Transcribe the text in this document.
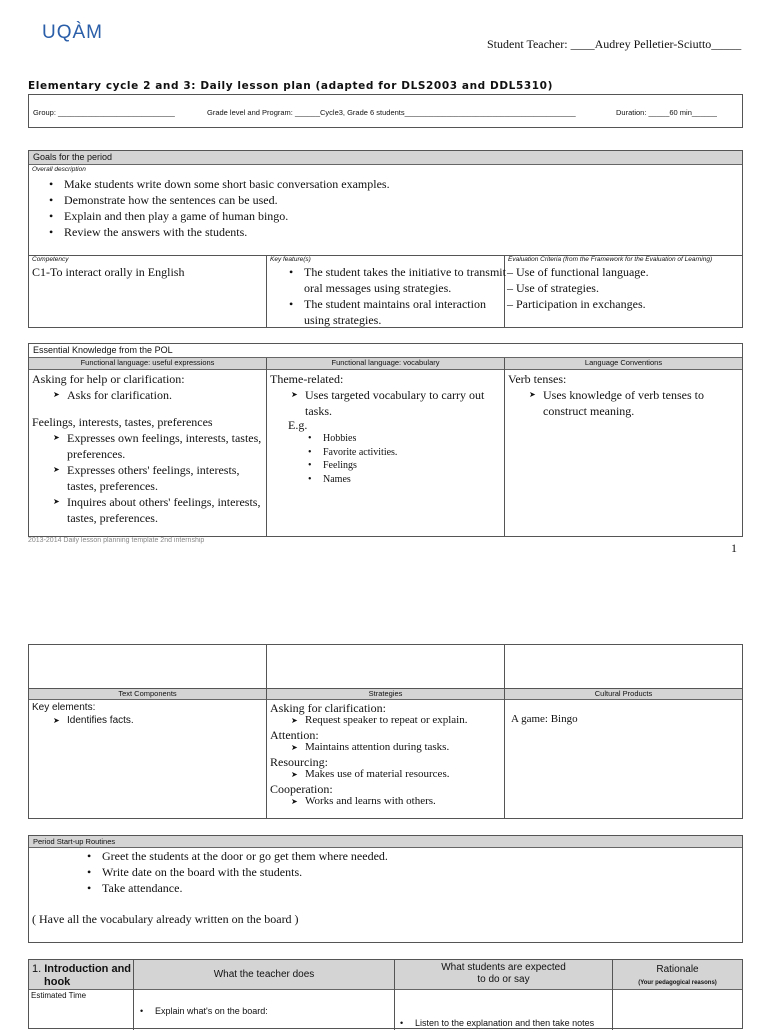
UQÀM
Student Teacher: ____Audrey Pelletier-Sciutto_____
Elementary cycle 2 and 3: Daily lesson plan (adapted for DLS2003 and DDL5310)
Group: ____________________________	Grade level and Program: ______Cycle3, Grade 6 students_________________________________________	Duration: _____60 min______
Goals for the period
Overall description
• Make students write down some short basic conversation examples.
• Demonstrate how the sentences can be used.
• Explain and then play a game of human bingo.
• Review the answers with the students.
Competency	Key feature(s)	Evaluation Criteria (from the Framework for the Evaluation of Learning)
C1-To interact orally in English
•	The student takes the initiative to transmit
oral messages using strategies.
• The student maintains oral interaction
using strategies.
– Use of functional language.
– Use of strategies.
– Participation in exchanges.
Essential Knowledge from the POL
Functional language: useful expressions	Functional language: vocabulary	Language Conventions
Asking for help or clarification:
➤ Asks for clarification.
Feelings, interests, tastes, preferences
➤ Expresses own feelings, interests, tastes,
preferences.
➤ Expresses others' feelings, interests,
tastes, preferences.
➤ Inquires about others' feelings, interests,
tastes, preferences.
Theme-related:
➤ Uses targeted vocabulary to carry out
tasks.
E.g.
• Hobbies
• Favorite activities.
• Feelings
• Names
Verb tenses:
➤ Uses knowledge of verb tenses to
construct meaning.
2013-2014 Daily lesson planning template 2nd internship
1
Text Components	Strategies	Cultural Products
Key elements:
➤ Identifies facts.
Asking for clarification:
➤ Request speaker to repeat or explain.
Attention:
➤ Maintains attention during tasks.
Resourcing:
➤ Makes use of material resources.
Cooperation:
➤ Works and learns with others.
A game: Bingo
Period Start-up Routines
• Greet the students at the door or go get them where needed.
• Write date on the board with the students.
• Take attendance.
( Have all the vocabulary already written on the board )
1. Introduction and
hook
What the teacher does
What students are expected
to do or say
Rationale
(Your pedagogical reasons)
Estimated Time
• Explain what's on the board:
• Listen to the explanation and then take notes
